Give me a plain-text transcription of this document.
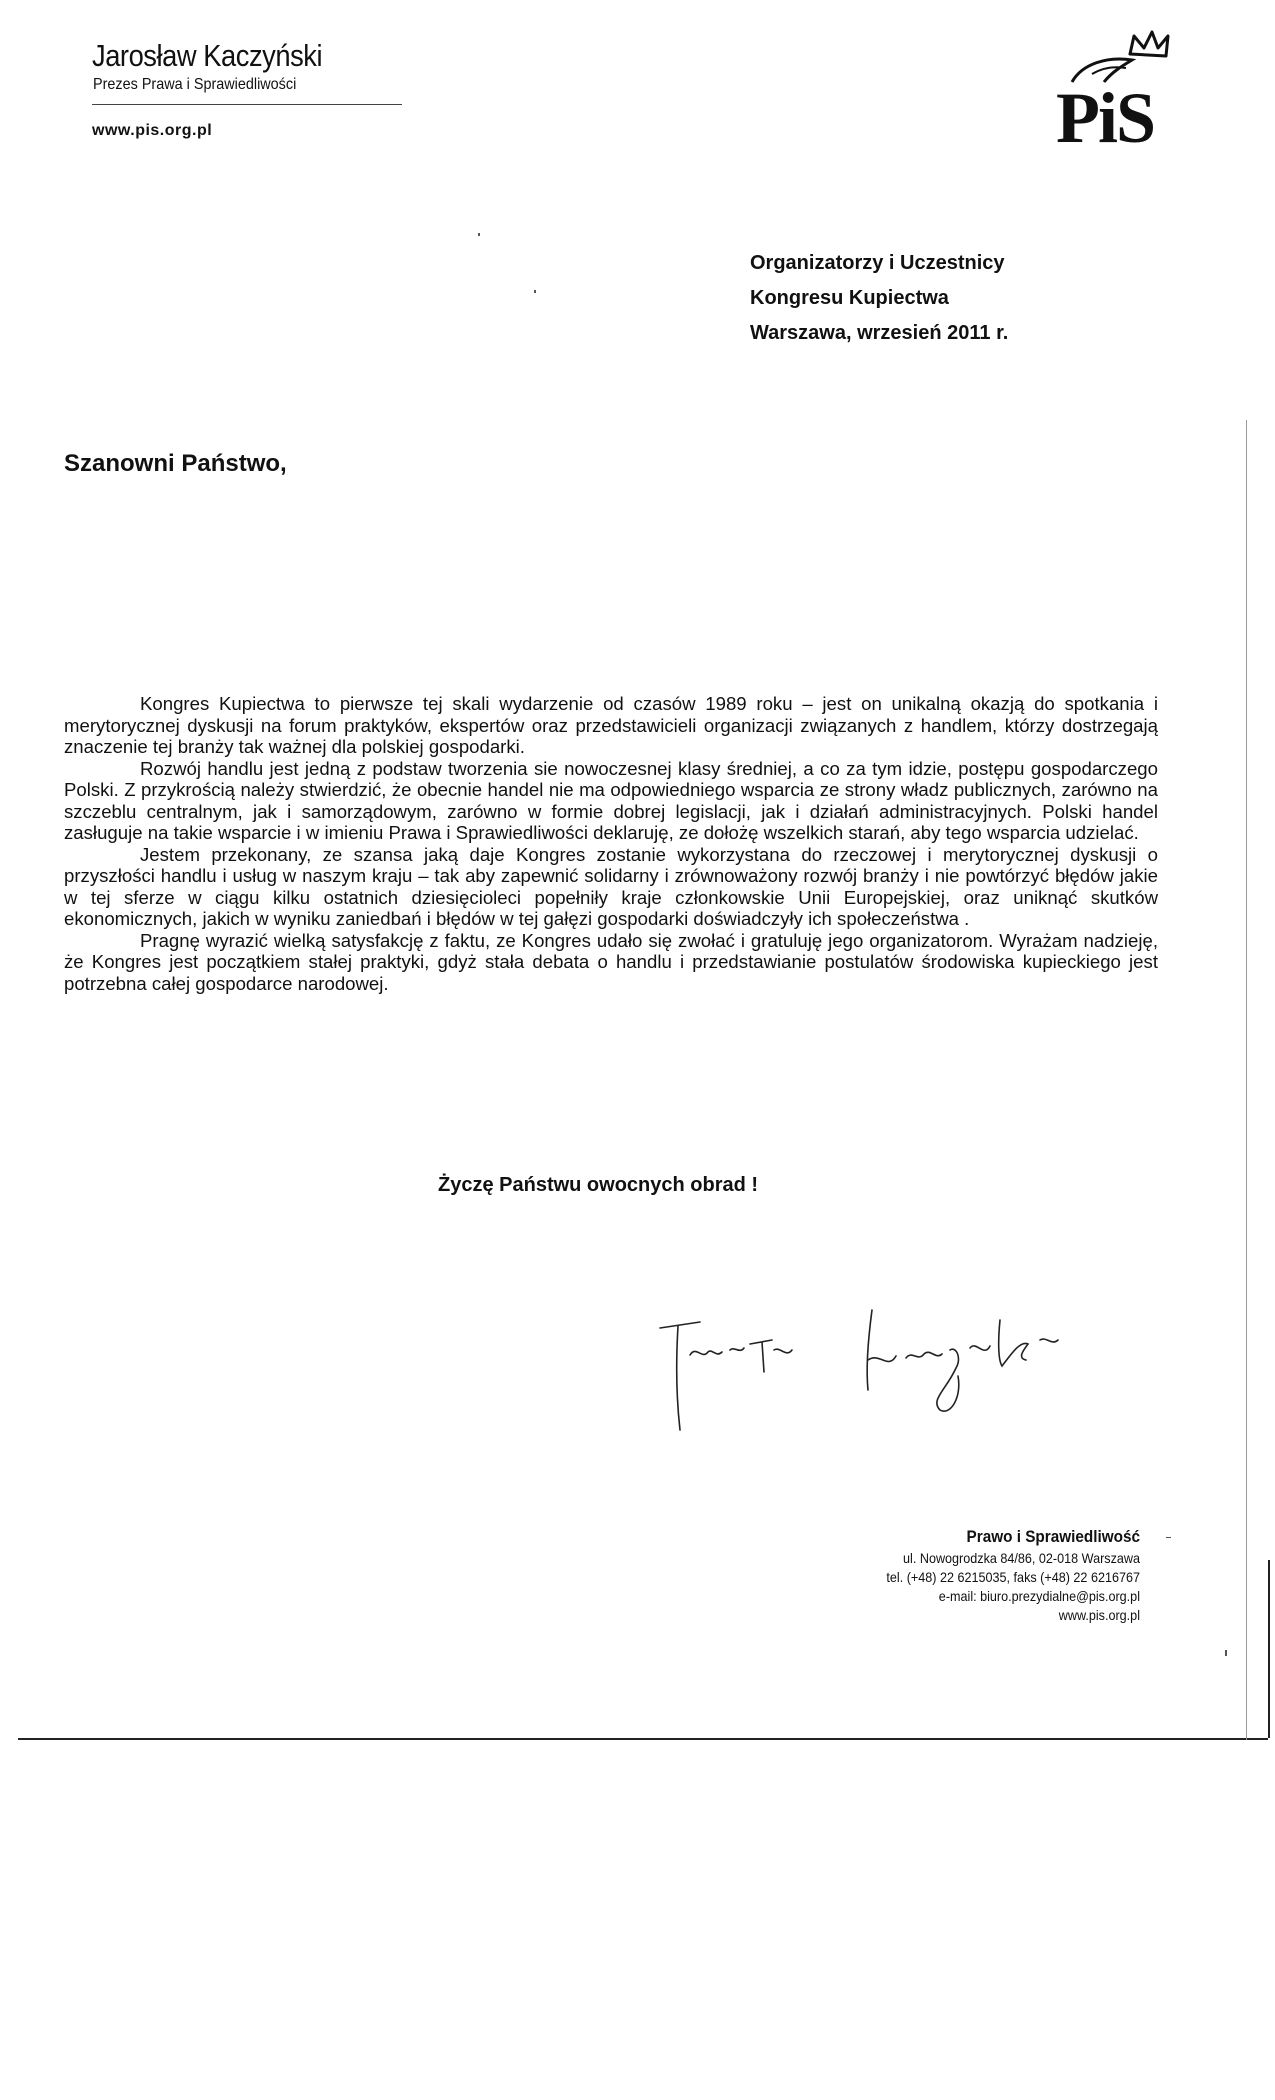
Jarosław Kaczyński
Prezes Prawa i Sprawiedliwości
www.pis.org.pl	PiS
Organizatorzy i Uczestnicy
Kongresu Kupiectwa
Warszawa, wrzesień 2011 r.
Szanowni Państwo,

Kongres Kupiectwa to pierwsze tej skali wydarzenie od czasów 1989 roku – jest on unikalną okazją do spotkania i merytorycznej dyskusji na forum praktyków, ekspertów oraz przedstawicieli organizacji związanych z handlem, którzy dostrzegają znaczenie tej branży tak ważnej dla polskiej gospodarki.

Rozwój handlu jest jedną z podstaw tworzenia sie nowoczesnej klasy średniej, a co za tym idzie, postępu gospodarczego Polski. Z przykrością należy stwierdzić, że obecnie handel nie ma odpowiedniego wsparcia ze strony władz publicznych, zarówno na szczeblu centralnym, jak i samorządowym, zarówno w formie dobrej legislacji, jak i działań administracyjnych. Polski handel zasługuje na takie wsparcie i w imieniu Prawa i Sprawiedliwości deklaruję, ze dołożę wszelkich starań, aby tego wsparcia udzielać.

Jestem przekonany, ze szansa jaką daje Kongres zostanie wykorzystana do rzeczowej i merytorycznej dyskusji o przyszłości handlu i usług w naszym kraju – tak aby zapewnić solidarny i zrównoważony rozwój branży i nie powtórzyć błędów jakie w tej sferze w ciągu kilku ostatnich dziesięcioleci popełniły kraje członkowskie Unii Europejskiej, oraz uniknąć skutków ekonomicznych, jakich w wyniku zaniedbań i błędów w tej gałęzi gospodarki doświadczyły ich społeczeństwa .

Pragnę wyrazić wielką satysfakcję z faktu, ze Kongres udało się zwołać i gratuluję jego organizatorom. Wyrażam nadzieję, że Kongres jest początkiem stałej praktyki, gdyż stała debata o handlu i przedstawianie postulatów środowiska kupieckiego jest potrzebna całej gospodarce narodowej.

Życzę Państwu owocnych obrad !
Prawo i Sprawiedliwość
ul. Nowogrodzka 84/86, 02-018 Warszawa
tel. (+48) 22 6215035, faks (+48) 22 6216767
e-mail: biuro.prezydialne@pis.org.pl
www.pis.org.pl
